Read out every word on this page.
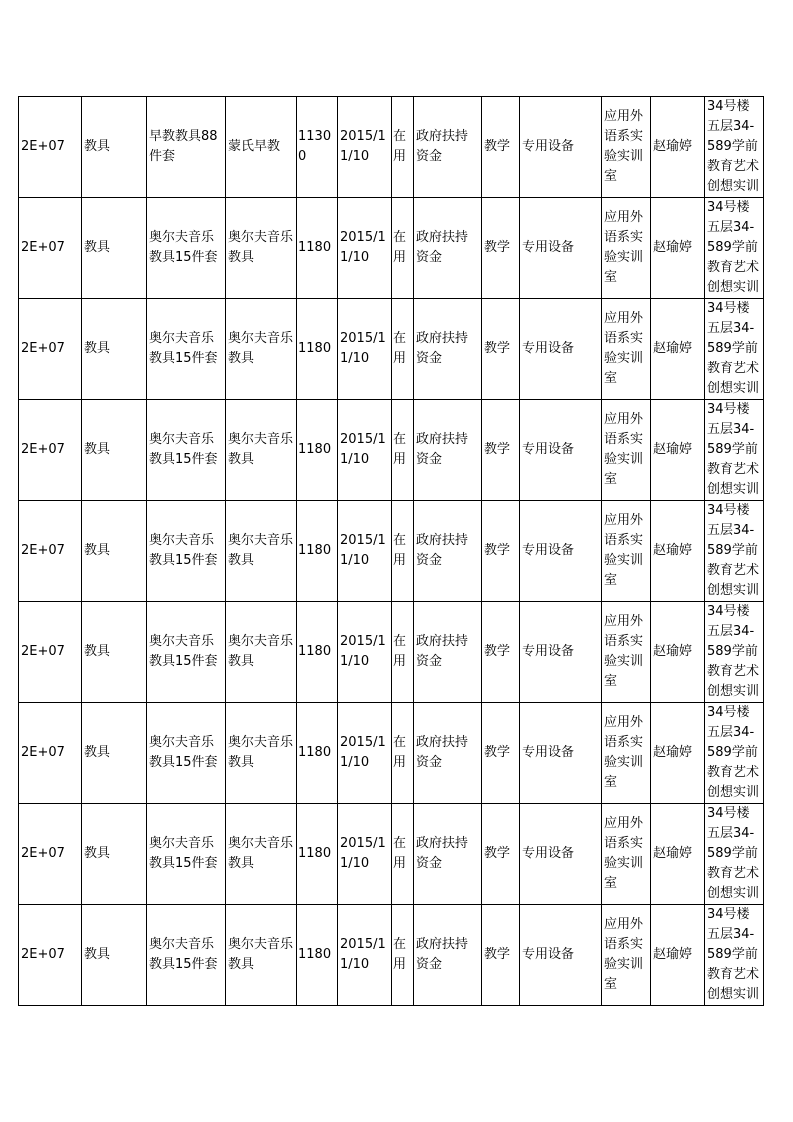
2E+07	教具	早教教具88件套	蒙氏早教	11300	2015/11/10	在用	政府扶持资金	教学	专用设备	应用外语系实验实训室	赵瑜婷	34号楼五层34-589学前教育艺术创想实训
2E+07	教具	奥尔夫音乐教具15件套	奥尔夫音乐教具	1180	2015/11/10	在用	政府扶持资金	教学	专用设备	应用外语系实验实训室	赵瑜婷	34号楼五层34-589学前教育艺术创想实训
2E+07	教具	奥尔夫音乐教具15件套	奥尔夫音乐教具	1180	2015/11/10	在用	政府扶持资金	教学	专用设备	应用外语系实验实训室	赵瑜婷	34号楼五层34-589学前教育艺术创想实训
2E+07	教具	奥尔夫音乐教具15件套	奥尔夫音乐教具	1180	2015/11/10	在用	政府扶持资金	教学	专用设备	应用外语系实验实训室	赵瑜婷	34号楼五层34-589学前教育艺术创想实训
2E+07	教具	奥尔夫音乐教具15件套	奥尔夫音乐教具	1180	2015/11/10	在用	政府扶持资金	教学	专用设备	应用外语系实验实训室	赵瑜婷	34号楼五层34-589学前教育艺术创想实训
2E+07	教具	奥尔夫音乐教具15件套	奥尔夫音乐教具	1180	2015/11/10	在用	政府扶持资金	教学	专用设备	应用外语系实验实训室	赵瑜婷	34号楼五层34-589学前教育艺术创想实训
2E+07	教具	奥尔夫音乐教具15件套	奥尔夫音乐教具	1180	2015/11/10	在用	政府扶持资金	教学	专用设备	应用外语系实验实训室	赵瑜婷	34号楼五层34-589学前教育艺术创想实训
2E+07	教具	奥尔夫音乐教具15件套	奥尔夫音乐教具	1180	2015/11/10	在用	政府扶持资金	教学	专用设备	应用外语系实验实训室	赵瑜婷	34号楼五层34-589学前教育艺术创想实训
2E+07	教具	奥尔夫音乐教具15件套	奥尔夫音乐教具	1180	2015/11/10	在用	政府扶持资金	教学	专用设备	应用外语系实验实训室	赵瑜婷	34号楼五层34-589学前教育艺术创想实训
